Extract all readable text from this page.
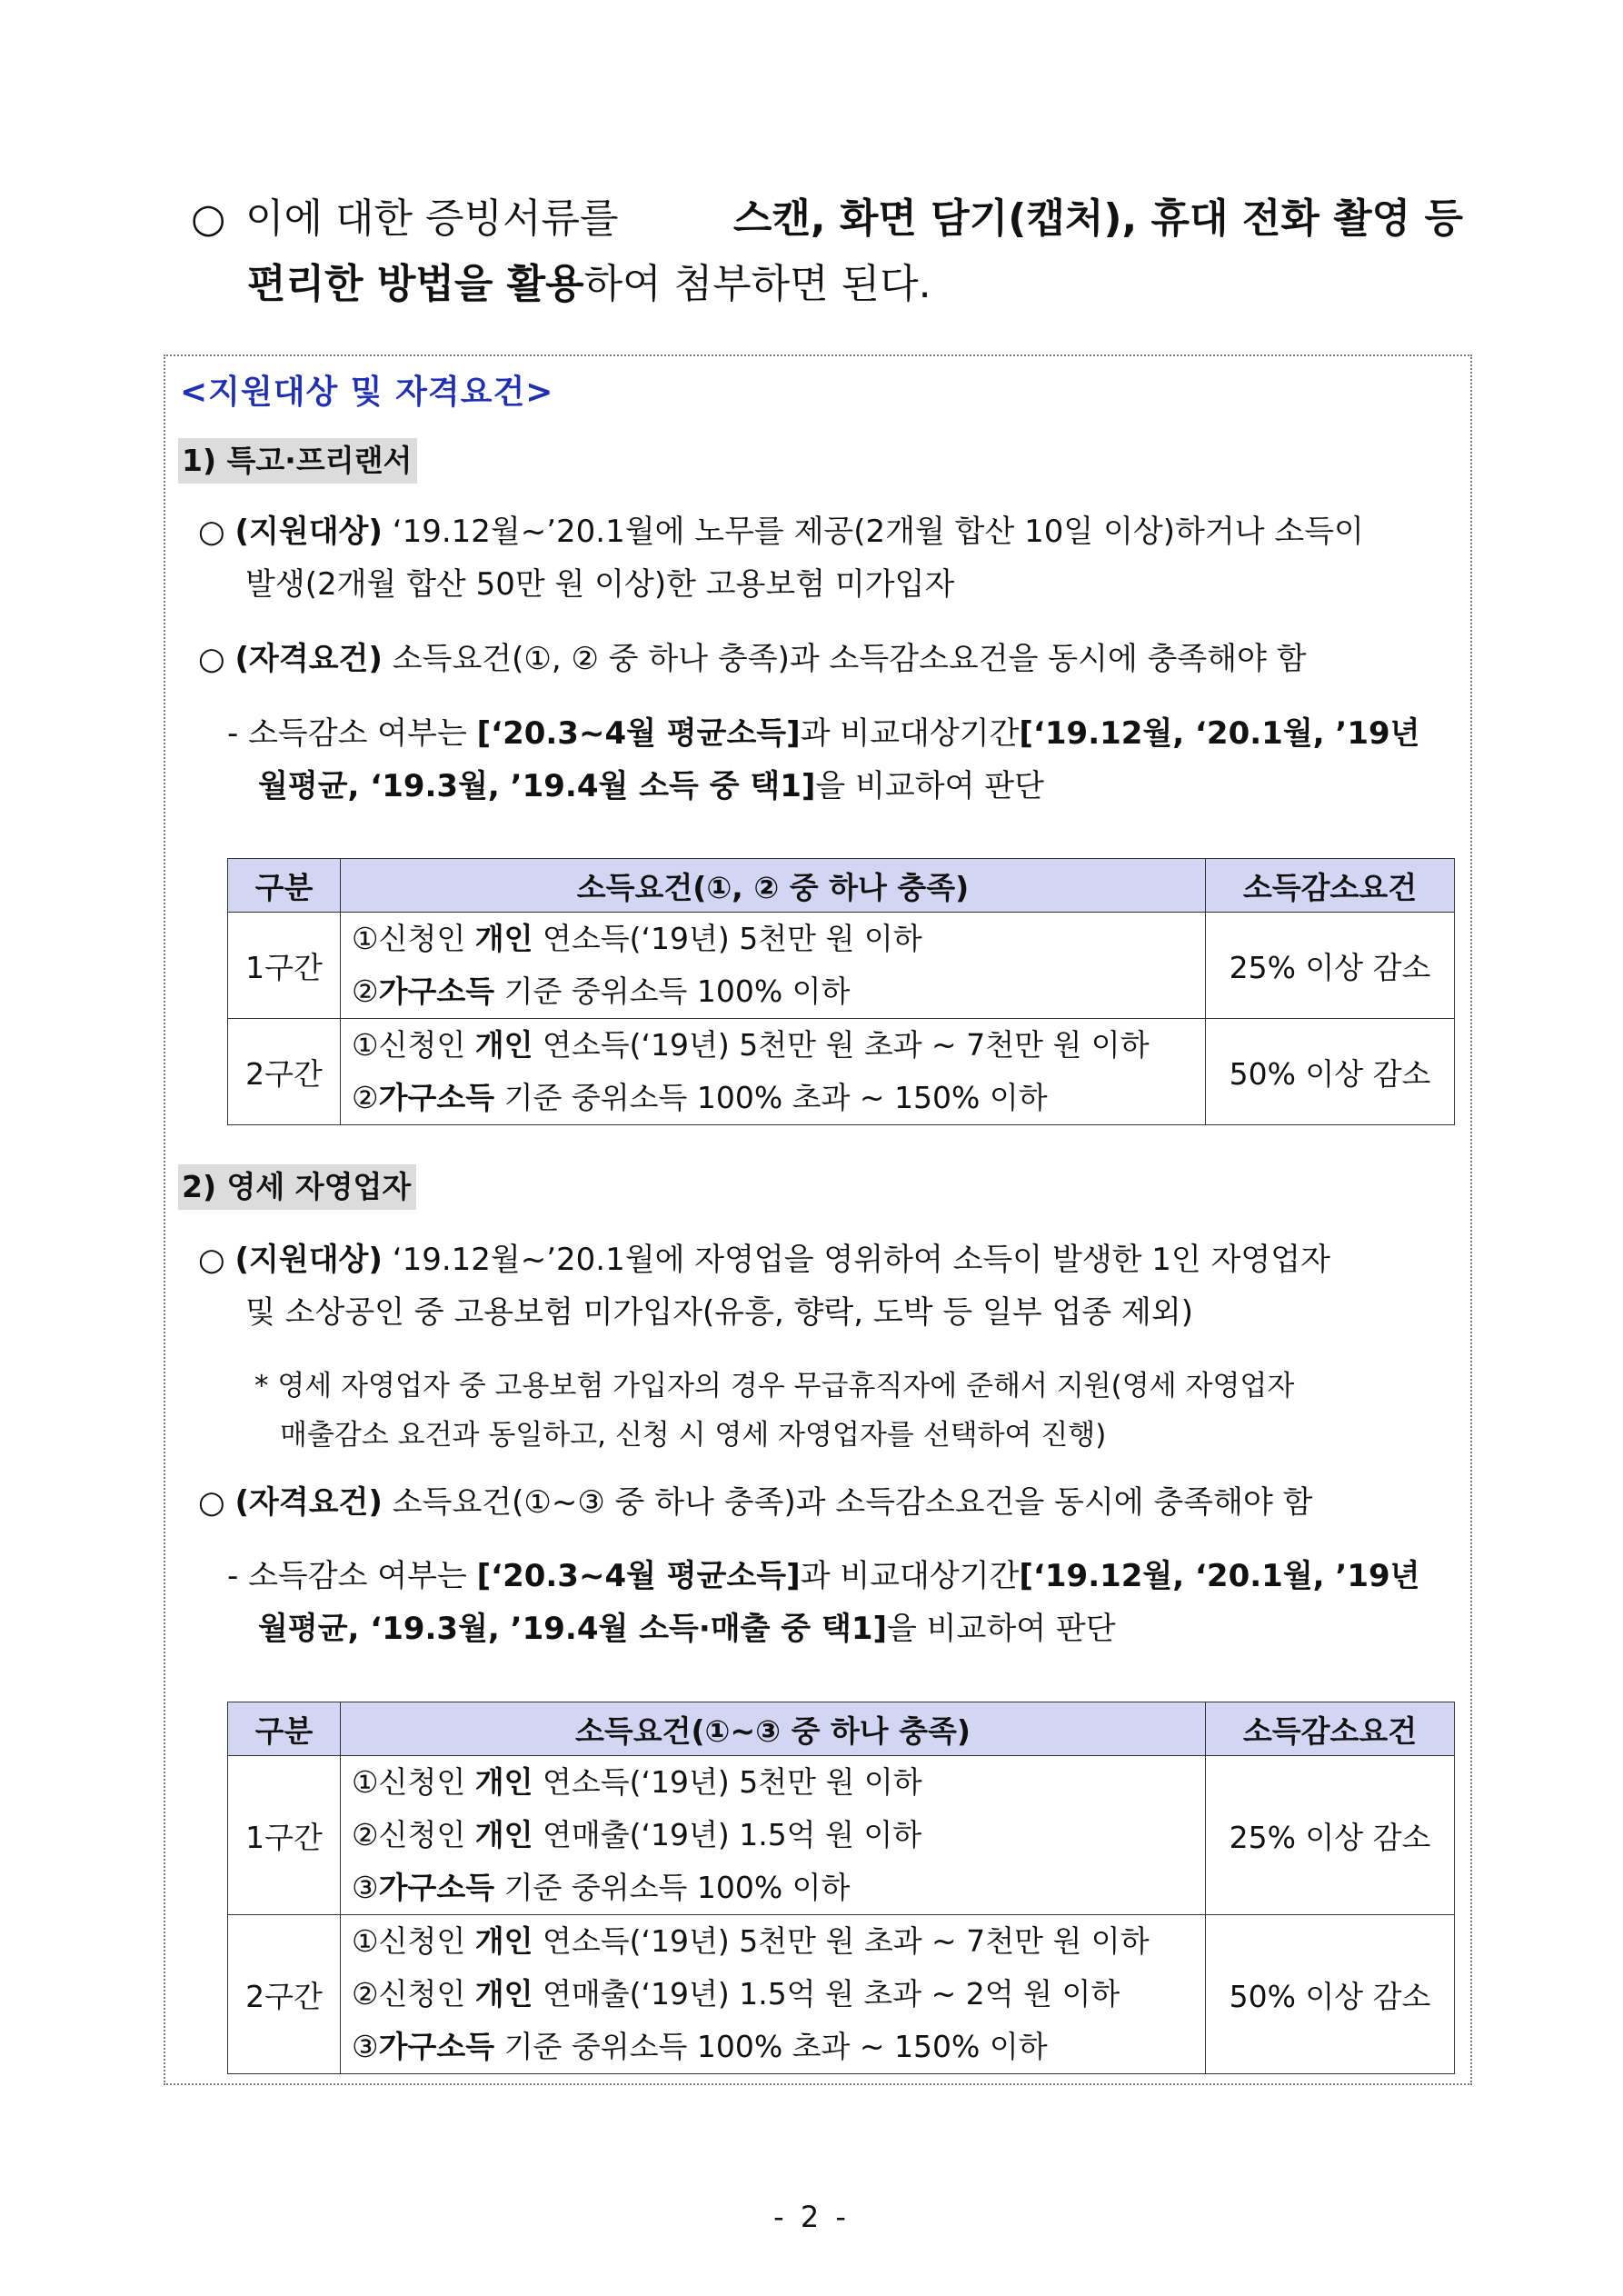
○ 이에 대한 증빙서류를	스캔, 화면 담기(캡처), 휴대 전화 촬영 등
편리한 방법을 활용하여 첨부하면 된다.
<지원대상 및 자격요건>
1) 특고·프리랜서
○ (지원대상) ‘19.12월~’20.1월에 노무를 제공(2개월 합산 10일 이상)하거나 소득이
발생(2개월 합산 50만 원 이상)한 고용보험 미가입자
○ (자격요건) 소득요건(①, ② 중 하나 충족)과 소득감소요건을 동시에 충족해야 함
- 소득감소 여부는 [‘20.3~4월 평균소득]과 비교대상기간[‘19.12월, ‘20.1월, ’19년
월평균, ‘19.3월, ’19.4월 소득 중 택1]을 비교하여 판단
구분	소득요건(①, ② 중 하나 충족)	소득감소요건
1구간	①신청인 개인 연소득(‘19년) 5천만 원 이하
②가구소득 기준 중위소득 100% 이하	25% 이상 감소
2구간	①신청인 개인 연소득(‘19년) 5천만 원 초과 ~ 7천만 원 이하
②가구소득 기준 중위소득 100% 초과 ~ 150% 이하	50% 이상 감소
2) 영세 자영업자
○ (지원대상) ‘19.12월~’20.1월에 자영업을 영위하여 소득이 발생한 1인 자영업자
및 소상공인 중 고용보험 미가입자(유흥, 향락, 도박 등 일부 업종 제외)
* 영세 자영업자 중 고용보험 가입자의 경우 무급휴직자에 준해서 지원(영세 자영업자
매출감소 요건과 동일하고, 신청 시 영세 자영업자를 선택하여 진행)
○ (자격요건) 소득요건(①~③ 중 하나 충족)과 소득감소요건을 동시에 충족해야 함
- 소득감소 여부는 [‘20.3~4월 평균소득]과 비교대상기간[‘19.12월, ‘20.1월, ’19년
월평균, ‘19.3월, ’19.4월 소득·매출 중 택1]을 비교하여 판단
구분	소득요건(①~③ 중 하나 충족)	소득감소요건
1구간	①신청인 개인 연소득(‘19년) 5천만 원 이하
②신청인 개인 연매출(‘19년) 1.5억 원 이하
③가구소득 기준 중위소득 100% 이하	25% 이상 감소
2구간	①신청인 개인 연소득(‘19년) 5천만 원 초과 ~ 7천만 원 이하
②신청인 개인 연매출(‘19년) 1.5억 원 초과 ~ 2억 원 이하
③가구소득 기준 중위소득 100% 초과 ~ 150% 이하	50% 이상 감소
- 2 -
